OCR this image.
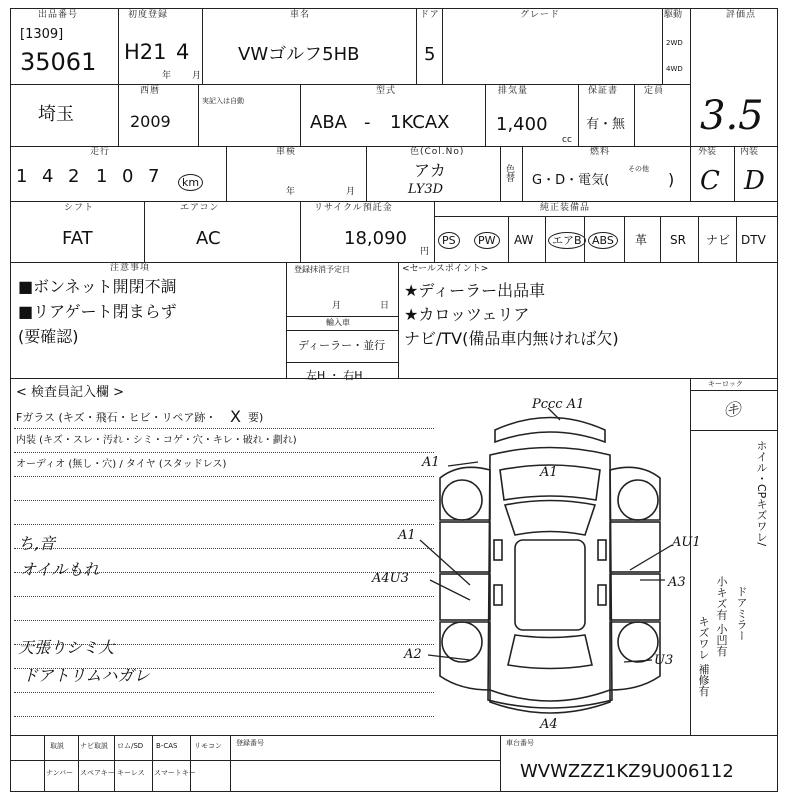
出品番号
[1309]
35061
初度登録
H21
年
4
月
車名
VWゴルフ5HB
ドア
5
グレード	駆動
2WD
4WD
評価点
3.5
埼玉
西暦
実記入は自動
2009
型式
ABA - 1KCAX
排気量
1,400
cc
保証書
有・無
定員
走行
1 4 2 1 0 7	km
車検
年	月
色(Col.No)
アカ
LY3D
色替
燃料
G・D・電気(
その他
)
外装
C
内装
D
シフト
FAT
エアコン
AC
リサイクル預託金
18,090
円
純正装備品
PS	PW	AW	エアB ABS	革 SR ナビ DTV
注意事項
■ボンネット開閉不調
■リアゲート閉まらず
(要確認)
登録抹消予定日
月	日
輸入車
ディーラー・並行
左H ・ 右H
<セールスポイント>
★ディーラー出品車
★カロッツェリア
ナビ/TV(備品車内無ければ欠)
< 検査員記入欄 >
Fガラス (キズ・飛石・ヒビ・リペア跡・ X 要)
内装 (キズ・スレ・汚れ・シミ・コゲ・穴・キレ・破れ・劃れ)
オーディオ (無し・穴) / タイヤ (スタッドレス)
ち,音
オイルもれ
天張りシミ大
ドアトリムハガレ
Pccc A1
A1
A1
A1
A4U3
A2
AU1
A3
U3
A4
キーロック
㋖
ホイル・CPキズワレ/
ドアミラー
小キズ有 小凹有
キズワレ 補修有
取説 ナビ取説 ロム/SD B-CAS リモコン
ナンバー スペアキー キーレス スマートキー
登録番号	車台番号
WVWZZZ1KZ9U006112
